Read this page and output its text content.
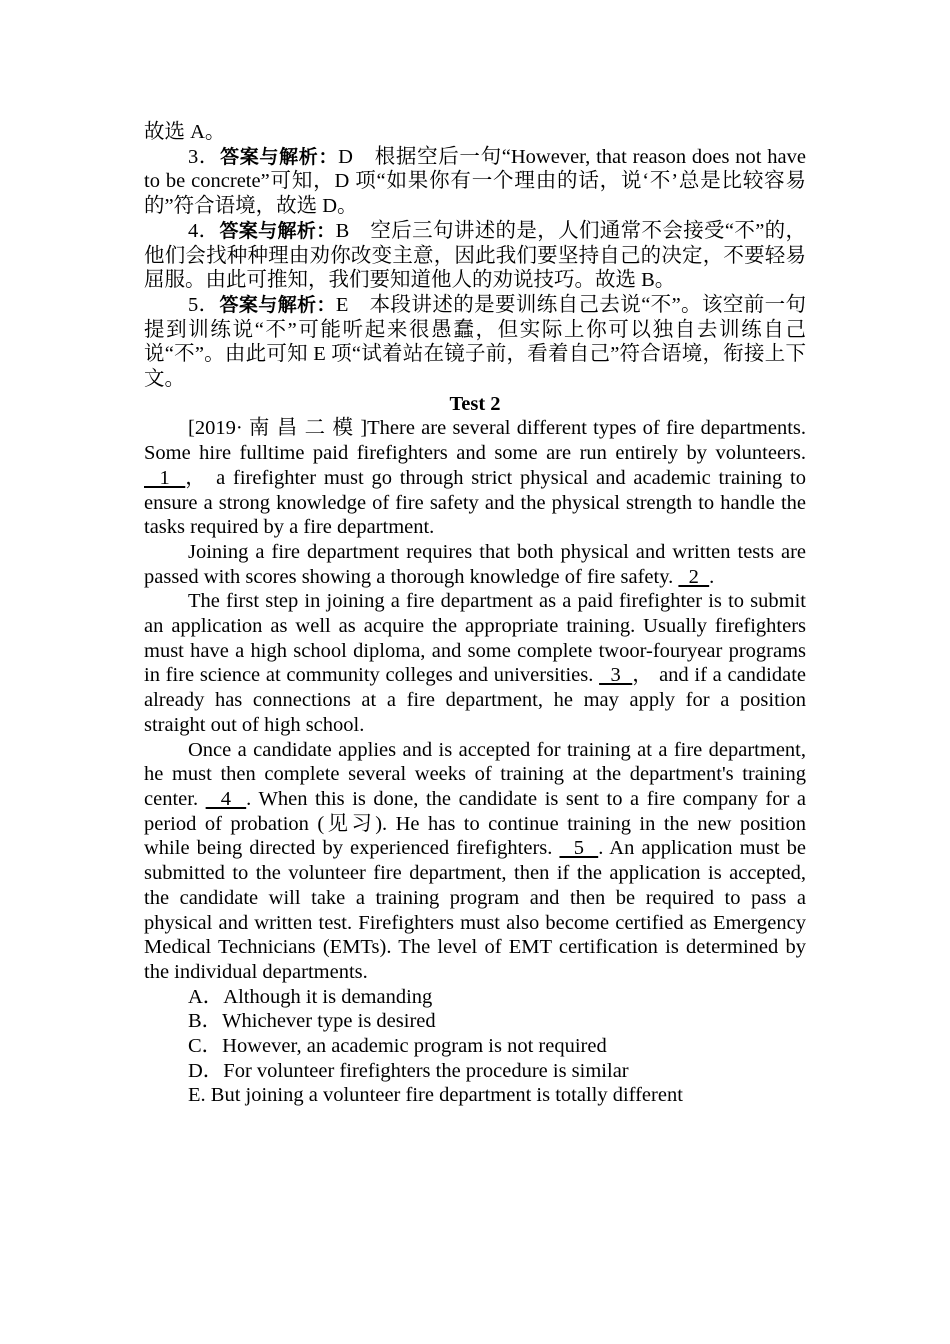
故选 A。

3．答案与解析：D　根据空后一句“However, that reason does not have to be concrete”可知，D 项“如果你有一个理由的话，说‘不’总是比较容易的”符合语境，故选 D。

4．答案与解析：B　空后三句讲述的是，人们通常不会接受“不”的，他们会找种种理由劝你改变主意，因此我们要坚持自己的决定，不要轻易屈服。由此可推知，我们要知道他人的劝说技巧。故选 B。

5．答案与解析：E　本段讲述的是要训练自己去说“不”。该空前一句提到训练说“不”可能听起来很愚蠢，但实际上你可以独自去训练自己说“不”。由此可知 E 项“试着站在镜子前，看着自己”符合语境，衔接上下文。

Test 2

[2019· 南 昌 二 模 ]There are several different types of fire departments. Some hire fulltime paid firefighters and some are run entirely by volunteers.   1  ， a firefighter must go through strict physical and academic training to ensure a strong knowledge of fire safety and the physical strength to handle the tasks required by a fire department.

Joining a fire department requires that both physical and written tests are passed with scores showing a thorough knowledge of fire safety.   2  .

The first step in joining a fire department as a paid firefighter is to submit an application as well as acquire the appropriate training. Usually firefighters must have a high school diploma, and some complete twoor-fouryear programs in fire science at community colleges and universities.   3  ， and if a candidate already has connections at a fire department, he may apply for a position straight out of high school.

Once a candidate applies and is accepted for training at a fire department, he must then complete several weeks of training at the department's training center.   4  . When this is done, the candidate is sent to a fire company for a period of probation (见习). He has to continue training in the new position while being directed by experienced firefighters.   5  . An application must be submitted to the volunteer fire department, then if the application is accepted, the candidate will take a training program and then be required to pass a physical and written test. Firefighters must also become certified as Emergency Medical Technicians (EMTs). The level of EMT certification is determined by the individual departments.

A．Although it is demanding

B．Whichever type is desired

C．However, an academic program is not required

D．For volunteer firefighters the procedure is similar

E. But joining a volunteer fire department is totally different
